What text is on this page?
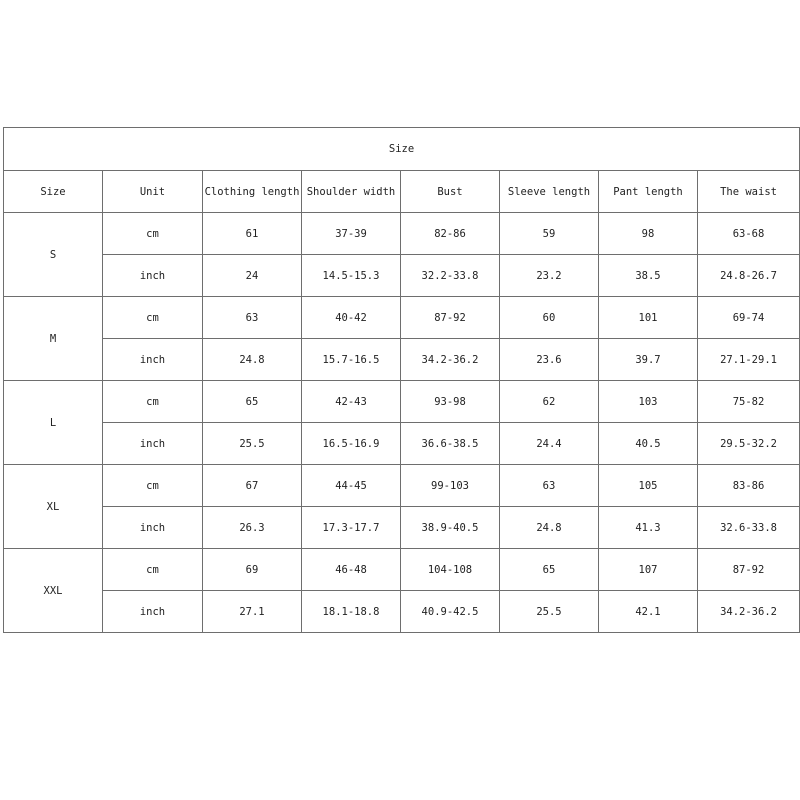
Size							
Size	Unit	Clothing length	Shoulder width	Bust	Sleeve length	Pant length	The waist
S	cm	61	37-39	82-86	59	98	63-68
	inch	24	14.5-15.3	32.2-33.8	23.2	38.5	24.8-26.7
M	cm	63	40-42	87-92	60	101	69-74
	inch	24.8	15.7-16.5	34.2-36.2	23.6	39.7	27.1-29.1
L	cm	65	42-43	93-98	62	103	75-82
	inch	25.5	16.5-16.9	36.6-38.5	24.4	40.5	29.5-32.2
XL	cm	67	44-45	99-103	63	105	83-86
	inch	26.3	17.3-17.7	38.9-40.5	24.8	41.3	32.6-33.8
XXL	cm	69	46-48	104-108	65	107	87-92
	inch	27.1	18.1-18.8	40.9-42.5	25.5	42.1	34.2-36.2
